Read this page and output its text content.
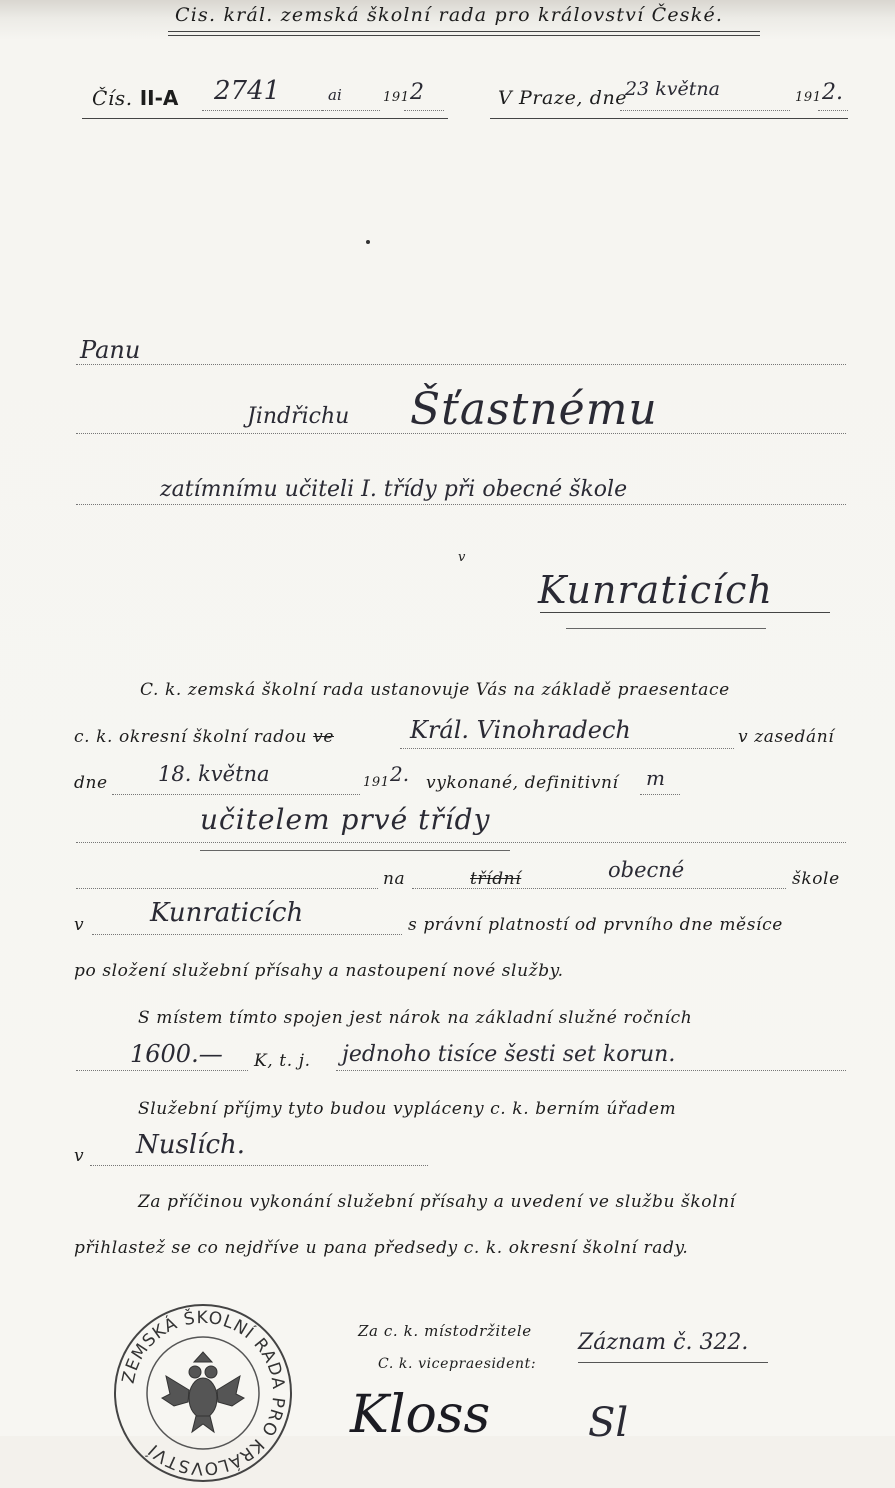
Cis. král. zemská školní rada pro království České.
Čís. II-A 2741	ai	191 2	V Praze, dne
23 května	191 2.
Panu
Jindřichu Šťastnému
zatímnímu učiteli I. třídy při obecné škole
v
Kunraticích
C. k. zemská školní rada ustanovuje Vás na základě praesentace
c. k. okresní školní radou ve	Král. Vinohradech	v zasedání
dne 18. května	191 2. vykonané, definitivní m
učitelem prvé třídy
na	třídní	obecné	škole
v	Kunraticích	s právní platností od prvního dne měsíce
po složení služební přísahy a nastoupení nové služby.
S místem tímto spojen jest nárok na základní služné ročních
1600.— K, t. j. jednoho tisíce šesti set korun.
Služební příjmy tyto budou vypláceny c. k. berním úřadem
v Nuslích.
Za příčinou vykonání služební přísahy a uvedení ve službu školní
přihlastež se co nejdříve u pana předsedy c. k. okresní školní rady.
ZEMSKÁ ŠKOLNÍ RADA PRO KRÁLOVSTVÍ
Za c. k. místodržitele
C. k. vicepraesident:
Záznam č. 322.
Kloss Sl
